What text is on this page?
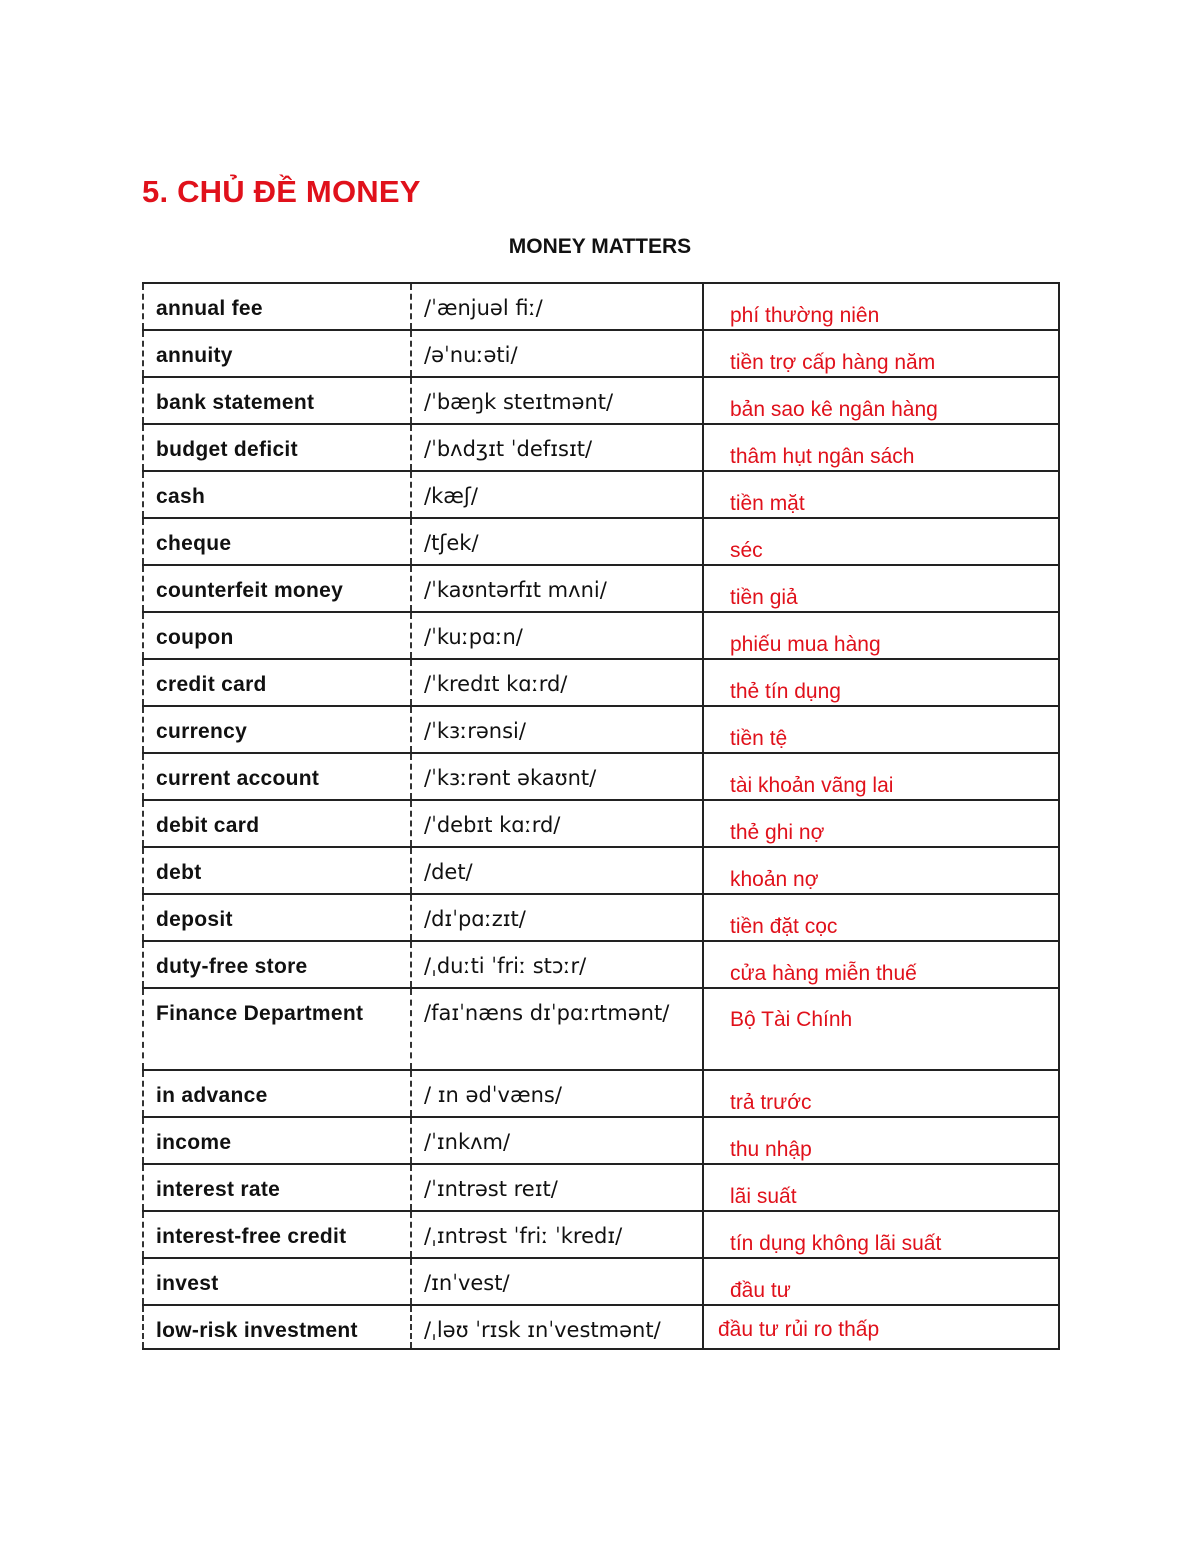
5. CHỦ ĐỀ MONEY
MONEY MATTERS
annual fee	/ˈænjuəl fiː/	phí thường niên
annuity	/əˈnuːəti/	tiền trợ cấp hàng năm
bank statement	/ˈbæŋk steɪtmənt/	bản sao kê ngân hàng
budget deficit	/ˈbʌdʒɪt ˈdefɪsɪt/	thâm hụt ngân sách
cash	/kæʃ/	tiền mặt
cheque	/tʃek/	séc
counterfeit money	/ˈkaʊntərfɪt mʌni/	tiền giả
coupon	/ˈkuːpɑːn/	phiếu mua hàng
credit card	/ˈkredɪt kɑːrd/	thẻ tín dụng
currency	/ˈkɜːrənsi/	tiền tệ
current account	/ˈkɜːrənt əkaʊnt/	tài khoản vãng lai
debit card	/ˈdebɪt kɑːrd/	thẻ ghi nợ
debt	/det/	khoản nợ
deposit	/dɪˈpɑːzɪt/	tiền đặt cọc
duty-free store	/ˌduːti ˈfriː stɔːr/	cửa hàng miễn thuế
Finance Department	/faɪˈnæns dɪˈpɑːrtmənt/	Bộ Tài Chính
in advance	/ ɪn ədˈvæns/	trả trước
income	/ˈɪnkʌm/	thu nhập
interest rate	/ˈɪntrəst reɪt/	lãi suất
interest-free credit	/ˌɪntrəst ˈfriː ˈkredɪ/	tín dụng không lãi suất
invest	/ɪnˈvest/	đầu tư
low-risk investment	/ˌləʊ ˈrɪsk ɪnˈvestmənt/	đầu tư rủi ro thấp
